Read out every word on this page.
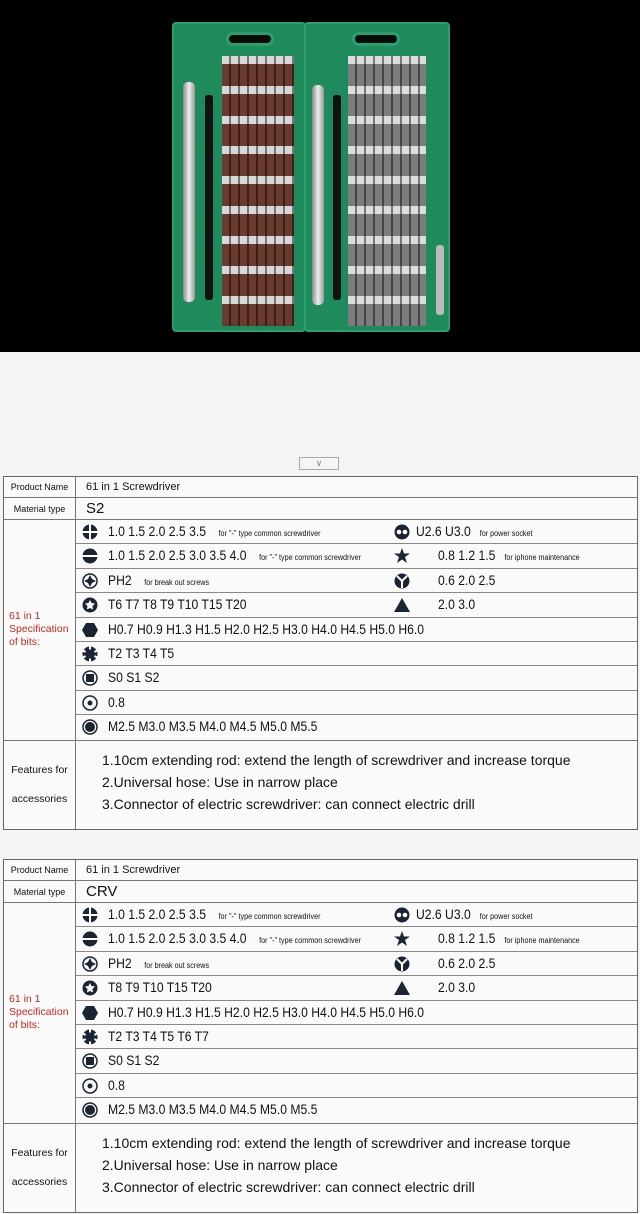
∨
Product Name	61 in 1 Screwdriver
Material type	S2
61 in 1 Specification of bits:
1.0 1.5 2.0 2.5 3.5 for "-" type common screwdriver	U2.6 U3.0 for power socket
1.0 1.5 2.0 2.5 3.0 3.5 4.0 for "-" type common screwdriver	0.8 1.2 1.5 for iphone maintenance
PH2 for break out screws	0.6 2.0 2.5
T6 T7 T8 T9 T10 T15 T20	2.0 3.0
H0.7 H0.9 H1.3 H1.5 H2.0 H2.5 H3.0 H4.0 H4.5 H5.0 H6.0
T2 T3 T4 T5
S0 S1 S2
0.8
M2.5 M3.0 M3.5 M4.0 M4.5 M5.0 M5.5
Features for
accessories
1.10cm extending rod: extend the length of screwdriver and increase torque
2.Universal hose: Use in narrow place
3.Connector of electric screwdriver: can connect electric drill
Product Name	61 in 1 Screwdriver
Material type	CRV
61 in 1 Specification of bits:
1.0 1.5 2.0 2.5 3.5 for "-" type common screwdriver	U2.6 U3.0 for power socket
1.0 1.5 2.0 2.5 3.0 3.5 4.0 for "-" type common screwdriver	0.8 1.2 1.5 for iphone maintenance
PH2 for break out screws	0.6 2.0 2.5
T8 T9 T10 T15 T20	2.0 3.0
H0.7 H0.9 H1.3 H1.5 H2.0 H2.5 H3.0 H4.0 H4.5 H5.0 H6.0
T2 T3 T4 T5 T6 T7
S0 S1 S2
0.8
M2.5 M3.0 M3.5 M4.0 M4.5 M5.0 M5.5
Features for
accessories
1.10cm extending rod: extend the length of screwdriver and increase torque
2.Universal hose: Use in narrow place
3.Connector of electric screwdriver: can connect electric drill
